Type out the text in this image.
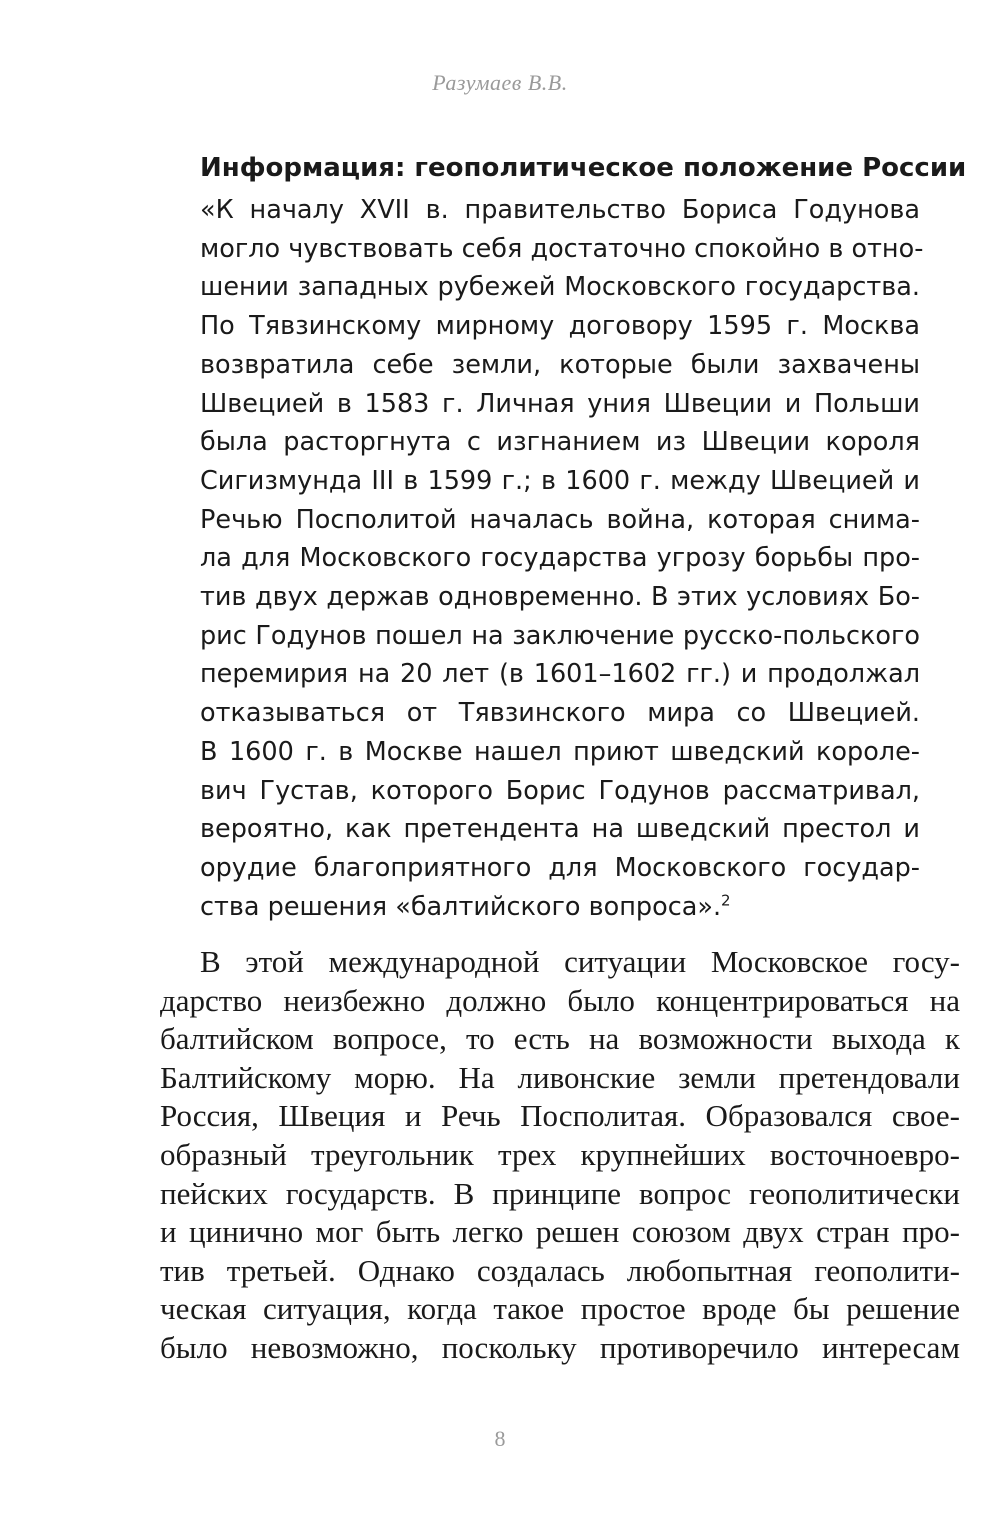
Разумаев В.В.
Информация: геополитическое положение России
«К началу XVII в. правительство Бориса Годунова
могло чувствовать себя достаточно спокойно в отно-
шении западных рубежей Московского государства.
По Тявзинскому мирному договору 1595 г. Москва
возвратила себе земли, которые были захвачены
Швецией в 1583 г. Личная уния Швеции и Польши
была расторгнута с изгнанием из Швеции короля
Сигизмунда III в 1599 г.; в 1600 г. между Швецией и
Речью Посполитой началась война, которая снима-
ла для Московского государства угрозу борьбы про-
тив двух держав одновременно. В этих условиях Бо-
рис Годунов пошел на заключение русско-польского
перемирия на 20 лет (в 1601–1602 гг.) и продолжал
отказываться от Тявзинского мира со Швецией.
В 1600 г. в Москве нашел приют шведский короле-
вич Густав, которого Борис Годунов рассматривал,
вероятно, как претендента на шведский престол и
орудие благоприятного для Московского государ-
ства решения «балтийского вопроса».$^2$
В этой международной ситуации Московское госу-
дарство неизбежно должно было концентрироваться на
балтийском вопросе, то есть на возможности выхода к
Балтийскому морю. На ливонские земли претендовали
Россия, Швеция и Речь Посполитая. Образовался свое-
образный треугольник трех крупнейших восточноевро-
пейских государств. В принципе вопрос геополитически
и цинично мог быть легко решен союзом двух стран про-
тив третьей. Однако создалась любопытная геополити-
ческая ситуация, когда такое простое вроде бы решение
было невозможно, поскольку противоречило интересам
8
